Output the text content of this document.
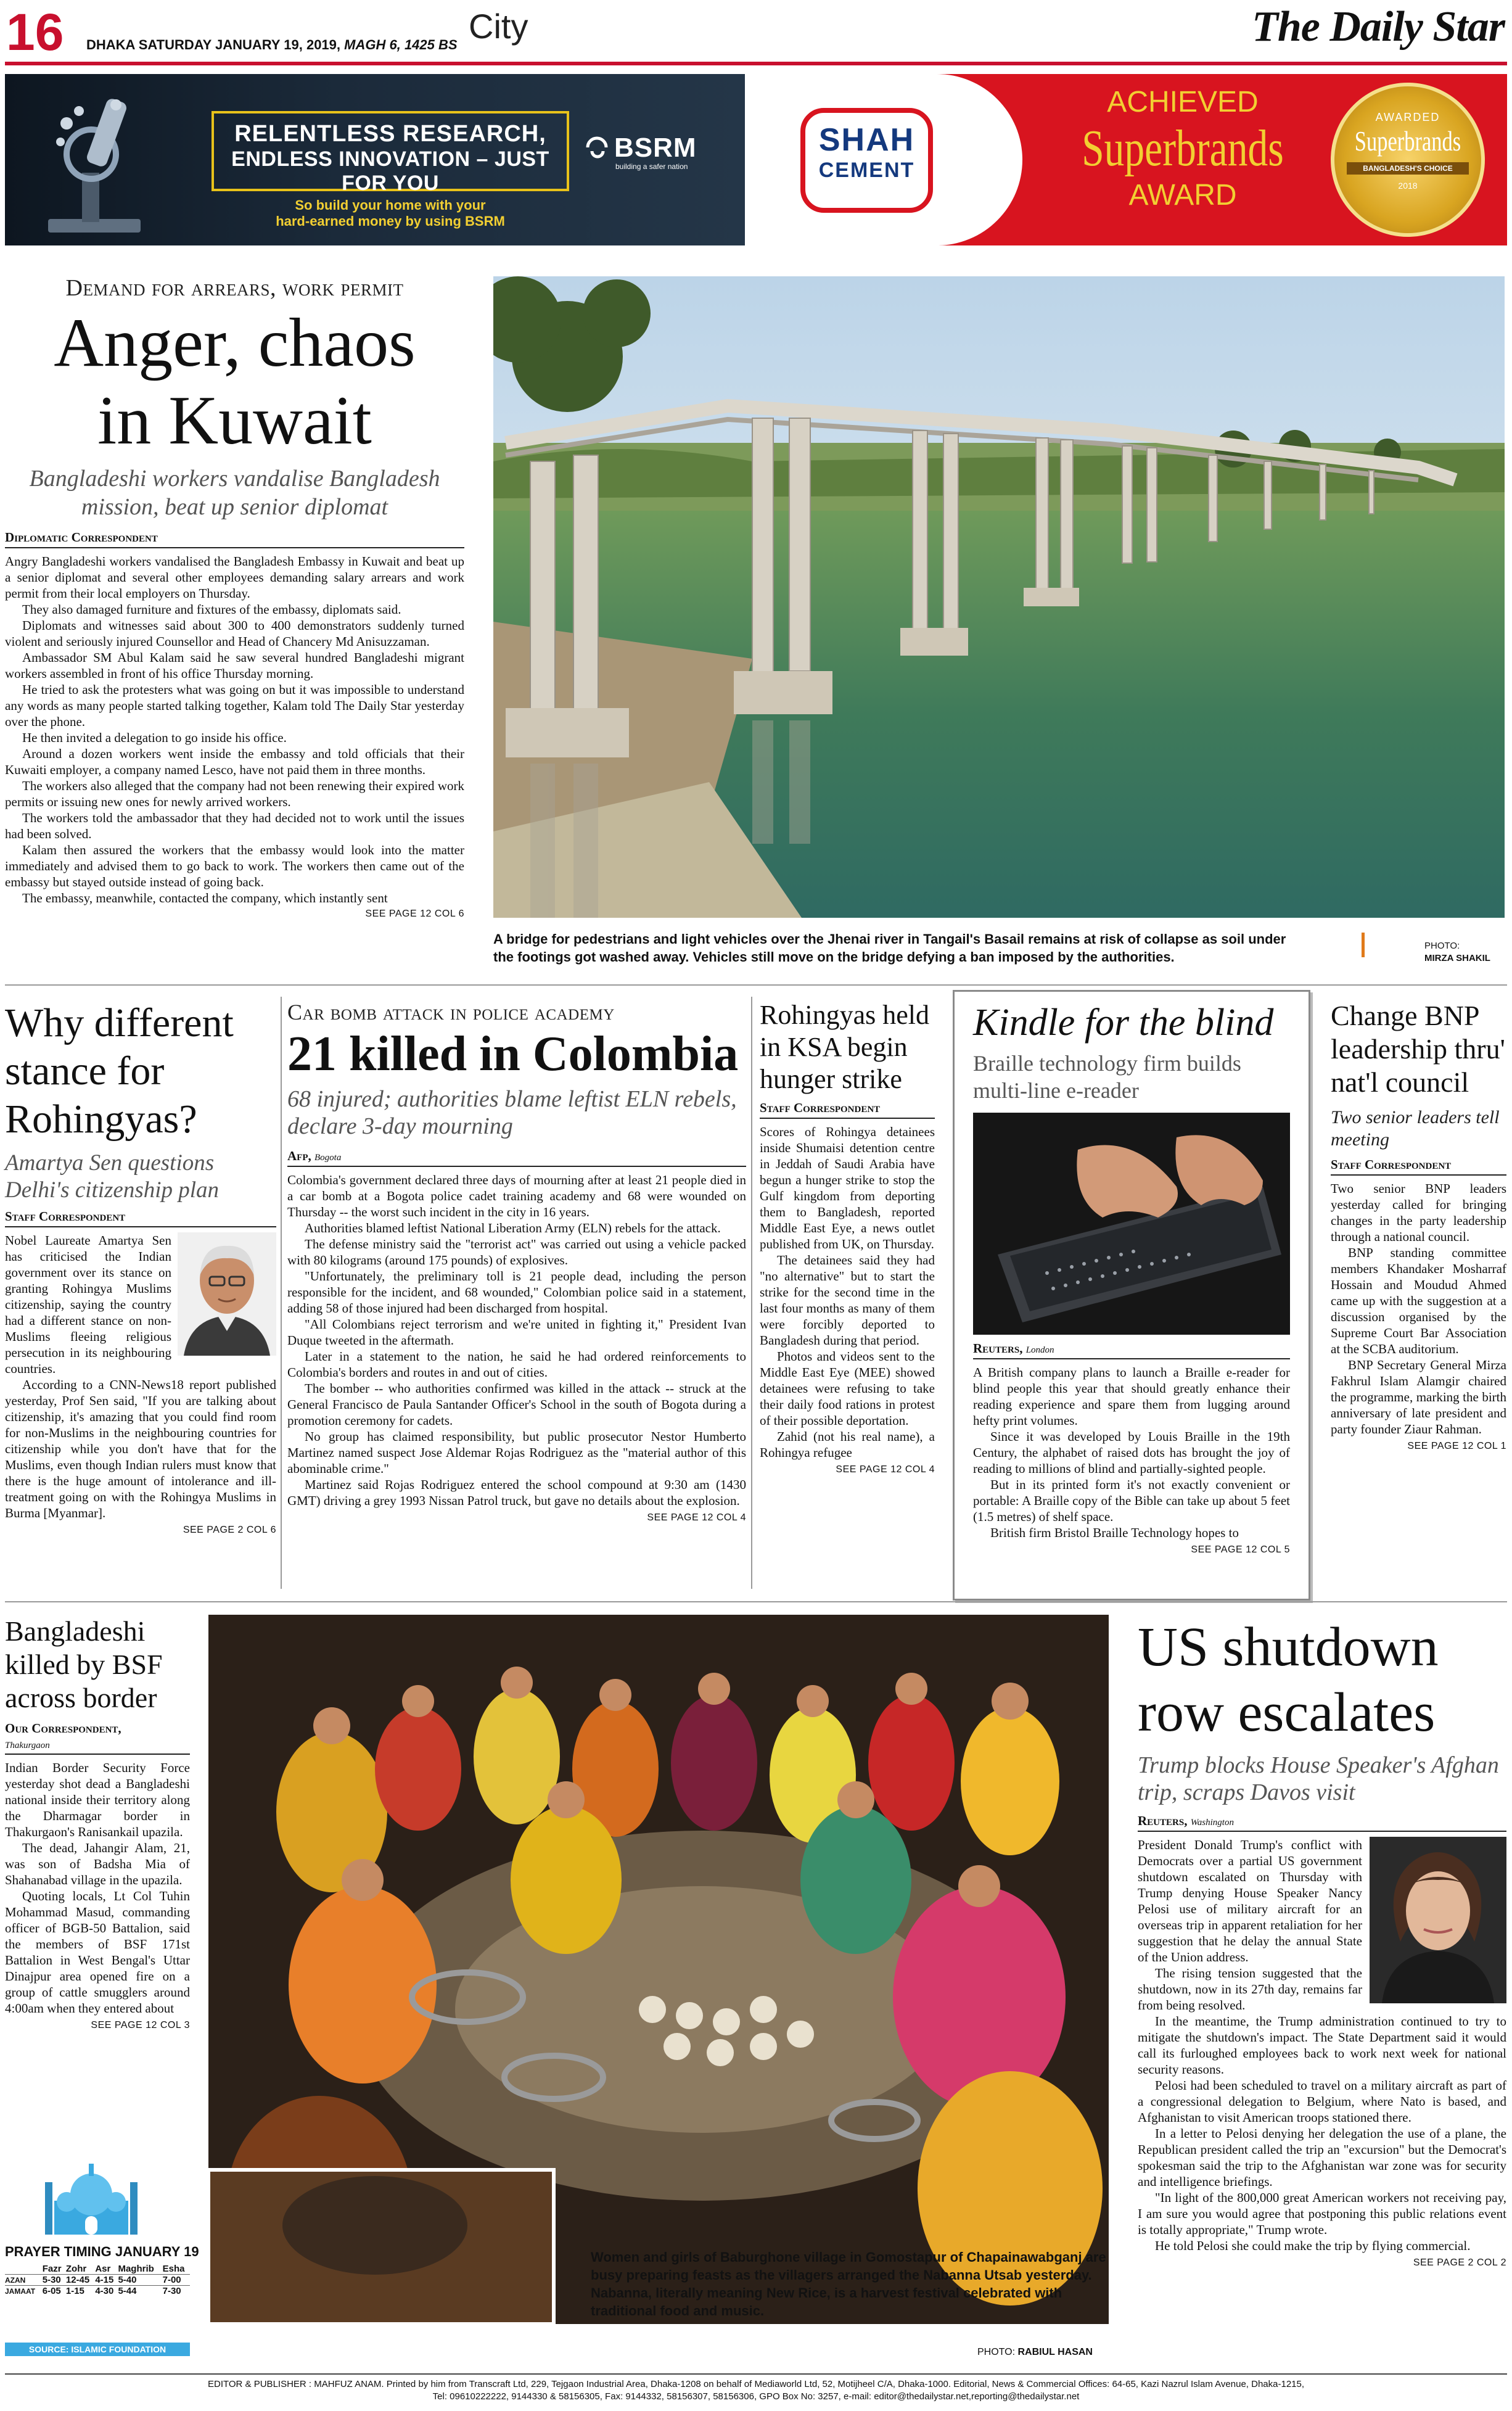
16 DHAKA SATURDAY JANUARY 19, 2019, MAGH 6, 1425 BS City	The Daily Star
RELENTLESS RESEARCH,
ENDLESS INNOVATION – JUST FOR YOU
So build your home with your
hard-earned money by using BSRM
BSRM
building a safer nation
SHAH
CEMENT
ACHIEVED
Superbrands
AWARD
AWARDED
Superbrands
BANGLADESH'S CHOICE
2018
Demand for arrears, work permit
Anger, chaos
in Kuwait
Bangladeshi workers vandalise Bangladesh mission, beat up senior diplomat
Diplomatic Correspondent

Angry Bangladeshi workers vandalised the Bangladesh Embassy in Kuwait and beat up a senior diplomat and several other employees demanding salary arrears and work permit from their local employers on Thursday.

They also damaged furniture and fixtures of the embassy, diplomats said.

Diplomats and witnesses said about 300 to 400 demonstrators suddenly turned violent and seriously injured Counsellor and Head of Chancery Md Anisuzzaman.

Ambassador SM Abul Kalam said he saw several hundred Bangladeshi migrant workers assembled in front of his office Thursday morning.

He tried to ask the protesters what was going on but it was impossible to understand any words as many people started talking together, Kalam told The Daily Star yesterday over the phone.

He then invited a delegation to go inside his office.

Around a dozen workers went inside the embassy and told officials that their Kuwaiti employer, a company named Lesco, have not paid them in three months.

The workers also alleged that the company had not been renewing their expired work permits or issuing new ones for newly arrived workers.

The workers told the ambassador that they had decided not to work until the issues had been solved.

Kalam then assured the workers that the embassy would look into the matter immediately and advised them to go back to work. The workers then came out of the embassy but stayed outside instead of going back.

The embassy, meanwhile, contacted the company, which instantly sent

SEE PAGE 12 COL 6
A bridge for pedestrians and light vehicles over the Jhenai river in Tangail's Basail remains at risk of collapse as soil under the footings got washed away. Vehicles still move on the bridge defying a ban imposed by the authorities.
PHOTO:
MIRZA SHAKIL
Why different stance for Rohingyas?
Amartya Sen questions Delhi's citizenship plan
Staff Correspondent

Nobel Laureate Amartya Sen has criticised the Indian government over its stance on granting Rohingya Muslims citizenship, saying the country had a different stance on non-Muslims fleeing religious persecution in its neighbouring countries.

According to a CNN-News18 report published yesterday, Prof Sen said, "If you are talking about citizenship, it's amazing that you could find room for non-Muslims in the neighbouring countries for citizenship while you don't have that for the Muslims, even though Indian rulers must know that there is the huge amount of intolerance and ill-treatment going on with the Rohingya Muslims in Burma [Myanmar].

SEE PAGE 2 COL 6
Car bomb attack in police academy
21 killed in Colombia
68 injured; authorities blame leftist ELN rebels, declare 3-day mourning
Afp, Bogota

Colombia's government declared three days of mourning after at least 21 people died in a car bomb at a Bogota police cadet training academy and 68 were wounded on Thursday -- the worst such incident in the city in 16 years.

Authorities blamed leftist National Liberation Army (ELN) rebels for the attack.

The defense ministry said the "terrorist act" was carried out using a vehicle packed with 80 kilograms (around 175 pounds) of explosives.

"Unfortunately, the preliminary toll is 21 people dead, including the person responsible for the incident, and 68 wounded," Colombian police said in a statement, adding 58 of those injured had been discharged from hospital.

"All Colombians reject terrorism and we're united in fighting it," President Ivan Duque tweeted in the aftermath.

Later in a statement to the nation, he said he had ordered reinforcements to Colombia's borders and routes in and out of cities.

The bomber -- who authorities confirmed was killed in the attack -- struck at the General Francisco de Paula Santander Officer's School in the south of Bogota during a promotion ceremony for cadets.

No group has claimed responsibility, but public prosecutor Nestor Humberto Martinez named suspect Jose Aldemar Rojas Rodriguez as the "material author of this abominable crime."

Martinez said Rojas Rodriguez entered the school compound at 9:30 am (1430 GMT) driving a grey 1993 Nissan Patrol truck, but gave no details about the explosion.

SEE PAGE 12 COL 4
Rohingyas held in KSA begin hunger strike
Staff Correspondent

Scores of Rohingya detainees inside Shumaisi detention centre in Jeddah of Saudi Arabia have begun a hunger strike to stop the Gulf kingdom from deporting them to Bangladesh, reported Middle East Eye, a news outlet published from UK, on Thursday.

The detainees said they had "no alternative" but to start the strike for the second time in the last four months as many of them were forcibly deported to Bangladesh during that period.

Photos and videos sent to the Middle East Eye (MEE) showed detainees were refusing to take their daily food rations in protest of their possible deportation.

Zahid (not his real name), a Rohingya refugee

SEE PAGE 12 COL 4
Kindle for the blind
Braille technology firm builds multi-line e-reader
Reuters, London

A British company plans to launch a Braille e-reader for blind people this year that should greatly enhance their reading experience and spare them from lugging around hefty print volumes.

Since it was developed by Louis Braille in the 19th Century, the alphabet of raised dots has brought the joy of reading to millions of blind and partially-sighted people.

But in its printed form it's not exactly convenient or portable: A Braille copy of the Bible can take up about 5 feet (1.5 metres) of shelf space.

British firm Bristol Braille Technology hopes to

SEE PAGE 12 COL 5
Change BNP leadership thru' nat'l council
Two senior leaders tell meeting
Staff Correspondent

Two senior BNP leaders yesterday called for bringing changes in the party leadership through a national council.

BNP standing committee members Khandaker Mosharraf Hossain and Moudud Ahmed came up with the suggestion at a discussion organised by the Supreme Court Bar Association at the SCBA auditorium.

BNP Secretary General Mirza Fakhrul Islam Alamgir chaired the programme, marking the birth anniversary of late president and party founder Ziaur Rahman.

SEE PAGE 12 COL 1
Bangladeshi killed by BSF across border
Our Correspondent,
Thakurgaon

Indian Border Security Force yesterday shot dead a Bangladeshi national inside their territory along the Dharmagar border in Thakurgaon's Ranisankail upazila.

The dead, Jahangir Alam, 21, was son of Badsha Mia of Shahanabad village in the upazila.

Quoting locals, Lt Col Tuhin Mohammad Masud, commanding officer of BGB-50 Battalion, said the members of BSF 171st Battalion in West Bengal's Uttar Dinajpur area opened fire on a group of cattle smugglers around 4:00am when they entered about

SEE PAGE 12 COL 3
PRAYER TIMING JANUARY 19
	Fazr	Zohr	Asr	Maghrib	Esha
AZAN	5-30	12-45	4-15	5-40	7-00
JAMAAT	6-05	1-15	4-30	5-44	7-30
SOURCE: ISLAMIC FOUNDATION
Women and girls of Baburghone village in Gomostapur of Chapainawabganj are busy preparing feasts as the villagers arranged the Nabanna Utsab yesterday. Nabanna, literally meaning New Rice, is a harvest festival celebrated with traditional food and music.
PHOTO: RABIUL HASAN
US shutdown row escalates
Trump blocks House Speaker's Afghan trip, scraps Davos visit
Reuters, Washington

President Donald Trump's conflict with Democrats over a partial US government shutdown escalated on Thursday with Trump denying House Speaker Nancy Pelosi use of military aircraft for an overseas trip in apparent retaliation for her suggestion that he delay the annual State of the Union address.

The rising tension suggested that the shutdown, now in its 27th day, remains far from being resolved.

In the meantime, the Trump administration continued to try to mitigate the shutdown's impact. The State Department said it would call its furloughed employees back to work next week for national security reasons.

Pelosi had been scheduled to travel on a military aircraft as part of a congressional delegation to Belgium, where Nato is based, and Afghanistan to visit American troops stationed there.

In a letter to Pelosi denying her delegation the use of a plane, the Republican president called the trip an "excursion" but the Democrat's spokesman said the trip to the Afghanistan war zone was for security and intelligence briefings.

"In light of the 800,000 great American workers not receiving pay, I am sure you would agree that postponing this public relations event is totally appropriate," Trump wrote.

He told Pelosi she could make the trip by flying commercial.

SEE PAGE 2 COL 2
EDITOR & PUBLISHER : MAHFUZ ANAM. Printed by him from Transcraft Ltd, 229, Tejgaon Industrial Area, Dhaka-1208 on behalf of Mediaworld Ltd, 52, Motijheel C/A, Dhaka-1000. Editorial, News & Commercial Offices: 64-65, Kazi Nazrul Islam Avenue, Dhaka-1215,
Tel: 09610222222, 9144330 & 58156305, Fax: 9144332, 58156307, 58156306, GPO Box No: 3257, e-mail: editor@thedailystar.net,reporting@thedailystar.net
